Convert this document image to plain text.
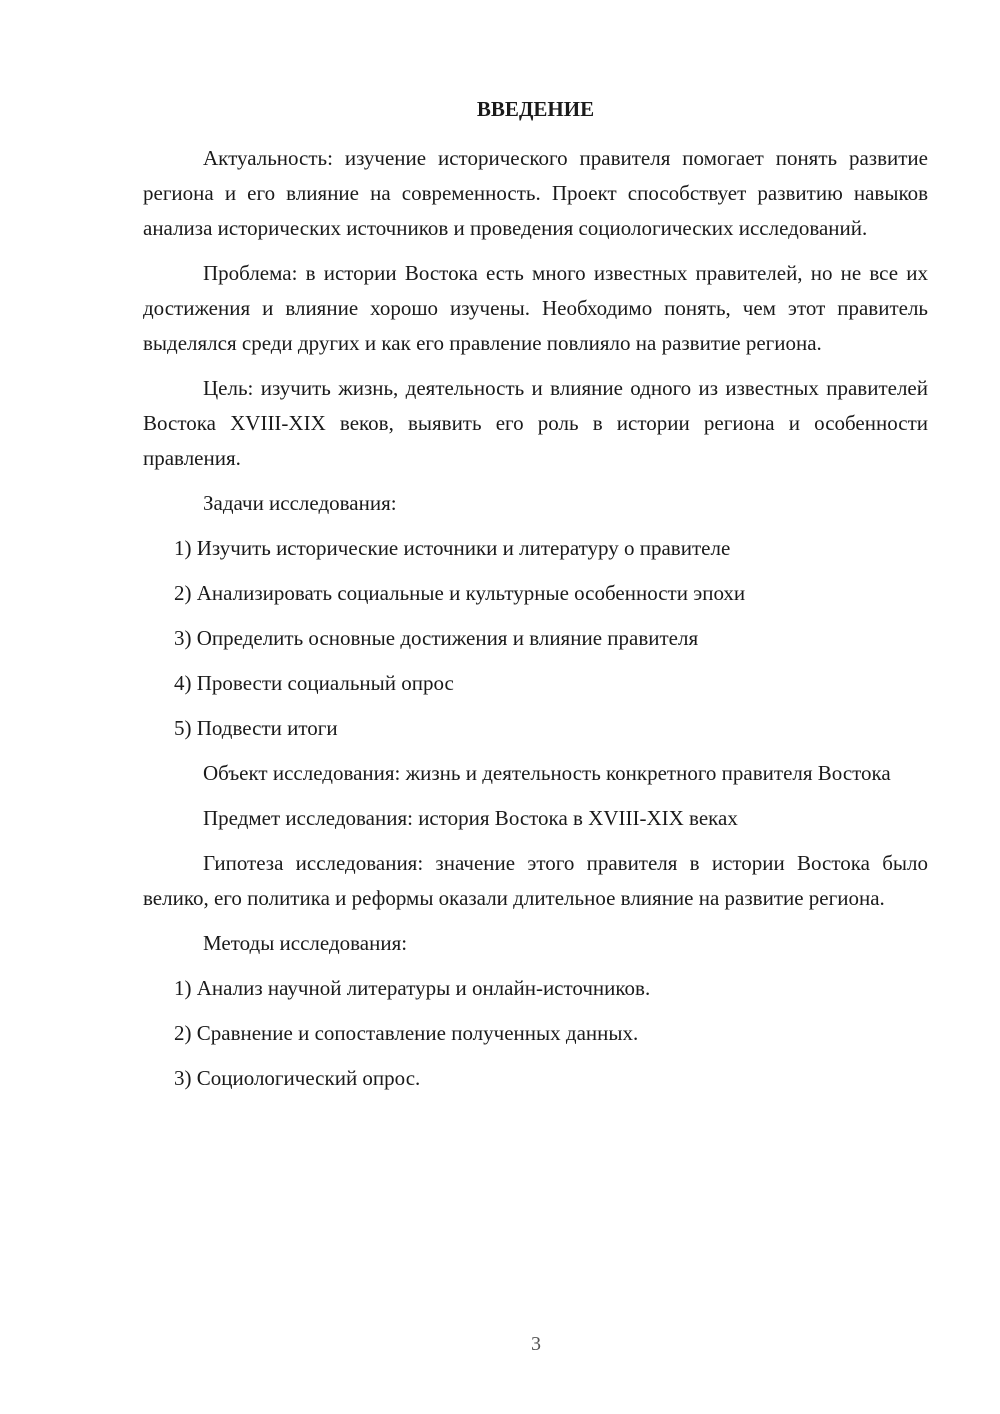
ВВЕДЕНИЕ

Актуальность: изучение исторического правителя помогает понять развитие региона и его влияние на современность. Проект способствует развитию навыков анализа исторических источников и проведения социологических исследований.

Проблема: в истории Востока есть много известных правителей, но не все их достижения и влияние хорошо изучены. Необходимо понять, чем этот правитель выделялся среди других и как его правление повлияло на развитие региона.

Цель: изучить жизнь, деятельность и влияние одного из известных правителей Востока XVIII-XIX веков, выявить его роль в истории региона и особенности правления.

Задачи исследования:

1) Изучить исторические источники и литературу о правителе
2) Анализировать социальные и культурные особенности эпохи
3) Определить основные достижения и влияние правителя
4) Провести социальный опрос
5) Подвести итоги

Объект исследования: жизнь и деятельность конкретного правителя Востока

Предмет исследования: история Востока в XVIII-XIX веках

Гипотеза исследования: значение этого правителя в истории Востока было велико, его политика и реформы оказали длительное влияние на развитие региона.

Методы исследования:

1) Анализ научной литературы и онлайн-источников.
2) Сравнение и сопоставление полученных данных.
3) Социологический опрос.
3
